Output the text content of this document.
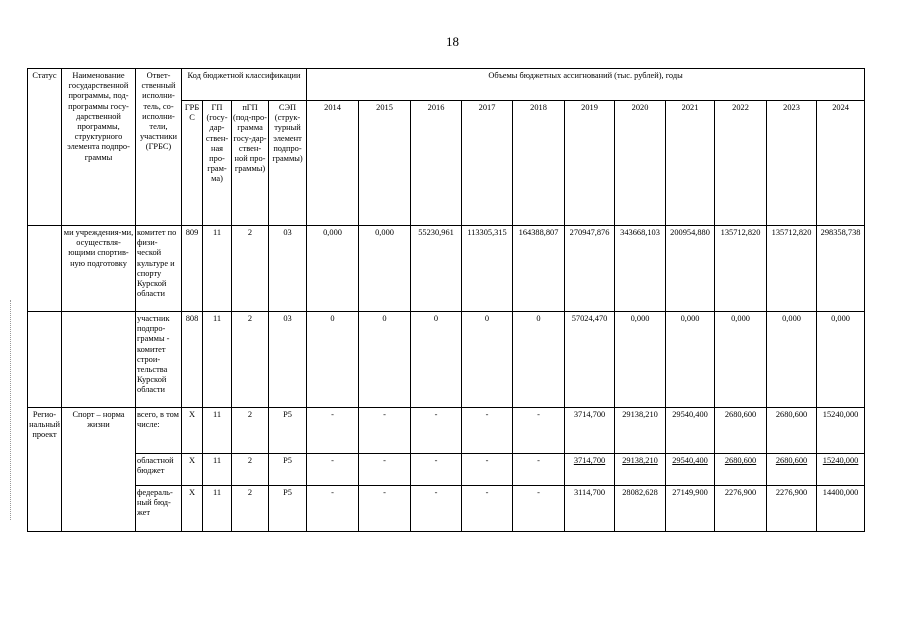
18
Статус	Наименование государственной программы, под-программы госу-дарственной программы, структурного элемента подпро-граммы	Ответ-ственный исполни-тель, со-исполни-тели, участники (ГРБС)	Код бюджетной классификации				Объемы бюджетных ассигнований (тыс. рублей), годы										
			ГРБ С	ГП (госу-дар-ствен-ная про-грам-ма)	пГП (под-про-грамма госу-дар-ствен-ной про-граммы)	СЭП (струк-турный элемент подпро-граммы)	2014	2015	2016	2017	2018	2019	2020	2021	2022	2023	2024
	ми учреждения-ми, осуществля-ющими спортив-ную подготовку	комитет по физи-ческой культуре и спорту Курской области	809	11	2	03	0,000	0,000	55230,961	113305,315	164388,807	270947,876	343668,103	200954,880	135712,820	135712,820	298358,738
		участник подпро-граммы - комитет строи-тельства Курской области	808	11	2	03	0	0	0	0	0	57024,470	0,000	0,000	0,000	0,000	0,000
Регио-нальный проект	Спорт – норма жизни	всего, в том числе:	Х	11	2	Р5	-	-	-	-	-	3714,700	29138,210	29540,400	2680,600	2680,600	15240,000
		областной бюджет	Х	11	2	Р5	-	-	-	-	-	3714,700	29138,210	29540,400	2680,600	2680,600	15240,000
		федераль-ный бюд-жет	Х	11	2	Р5	-	-	-	-	-	3114,700	28082,628	27149,900	2276,900	2276,900	14400,000
